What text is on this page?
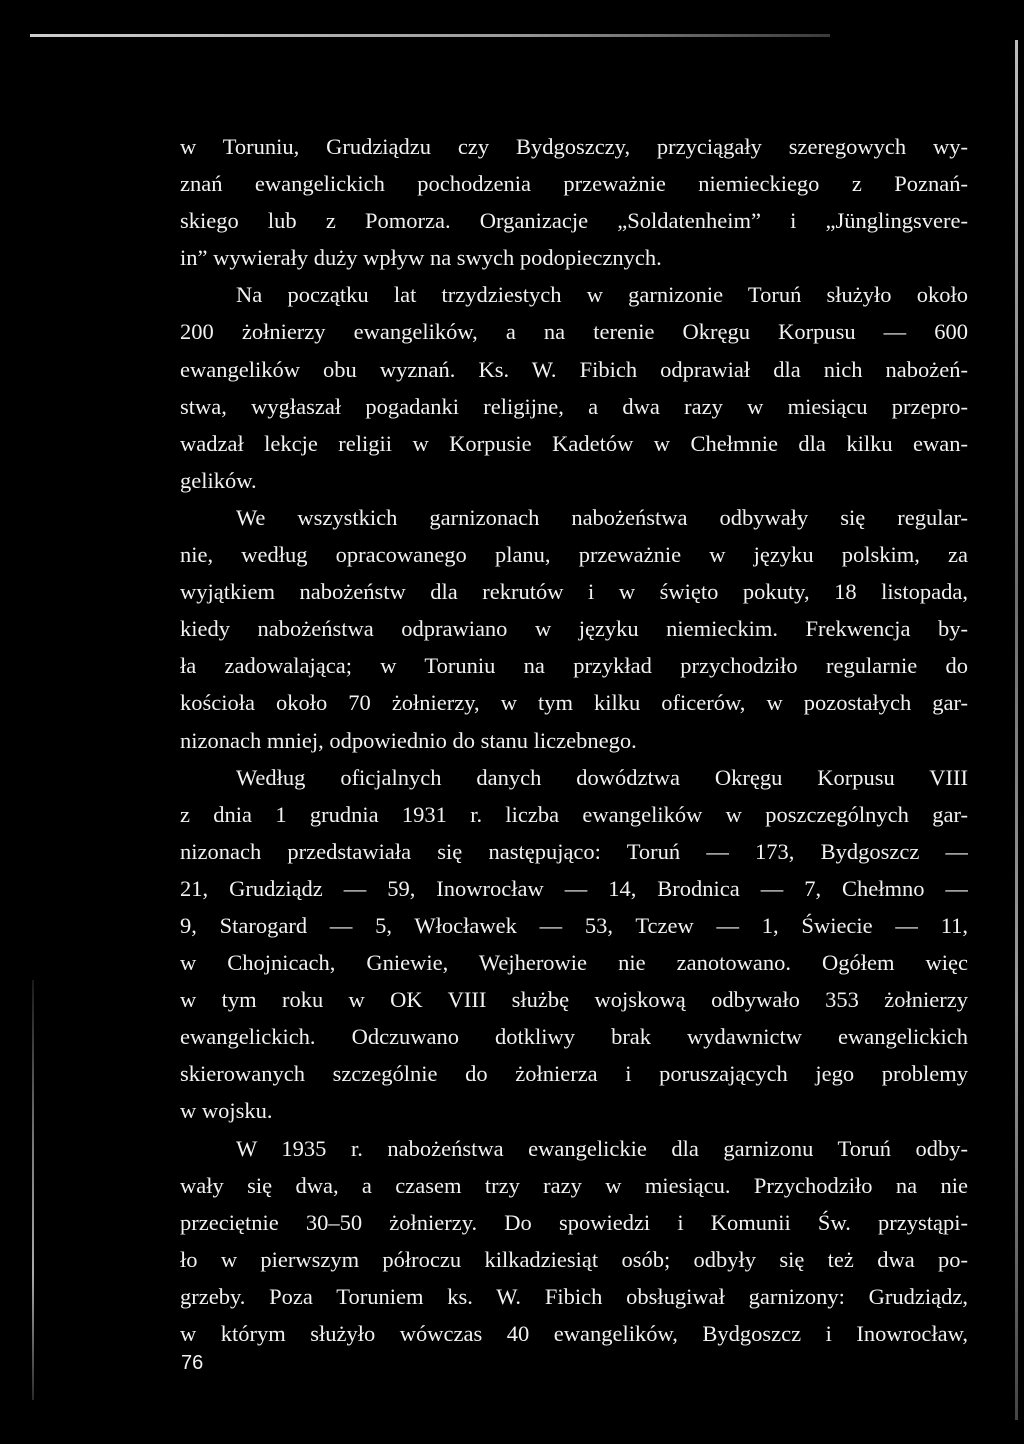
w Toruniu, Grudziądzu czy Bydgoszczy, przyciągały szeregowych wy-
znań ewangelickich pochodzenia przeważnie niemieckiego z Poznań-
skiego lub z Pomorza. Organizacje „Soldatenheim” i „Jünglingsvere-
in” wywierały duży wpływ na swych podopiecznych.
Na początku lat trzydziestych w garnizonie Toruń służyło około
200 żołnierzy ewangelików, a na terenie Okręgu Korpusu — 600
ewangelików obu wyznań. Ks. W. Fibich odprawiał dla nich nabożeń-
stwa, wygłaszał pogadanki religijne, a dwa razy w miesiącu przepro-
wadzał lekcje religii w Korpusie Kadetów w Chełmnie dla kilku ewan-
gelików.
We wszystkich garnizonach nabożeństwa odbywały się regular-
nie, według opracowanego planu, przeważnie w języku polskim, za
wyjątkiem nabożeństw dla rekrutów i w święto pokuty, 18 listopada,
kiedy nabożeństwa odprawiano w języku niemieckim. Frekwencja by-
ła zadowalająca; w Toruniu na przykład przychodziło regularnie do
kościoła około 70 żołnierzy, w tym kilku oficerów, w pozostałych gar-
nizonach mniej, odpowiednio do stanu liczebnego.
Według oficjalnych danych dowództwa Okręgu Korpusu VIII
z dnia 1 grudnia 1931 r. liczba ewangelików w poszczególnych gar-
nizonach przedstawiała się następująco: Toruń — 173, Bydgoszcz —
21, Grudziądz — 59, Inowrocław — 14, Brodnica — 7, Chełmno —
9, Starogard — 5, Włocławek — 53, Tczew — 1, Świecie — 11,
w Chojnicach, Gniewie, Wejherowie nie zanotowano. Ogółem więc
w tym roku w OK VIII służbę wojskową odbywało 353 żołnierzy
ewangelickich. Odczuwano dotkliwy brak wydawnictw ewangelickich
skierowanych szczególnie do żołnierza i poruszających jego problemy
w wojsku.
W 1935 r. nabożeństwa ewangelickie dla garnizonu Toruń odby-
wały się dwa, a czasem trzy razy w miesiącu. Przychodziło na nie
przeciętnie 30–50 żołnierzy. Do spowiedzi i Komunii Św. przystąpi-
ło w pierwszym półroczu kilkadziesiąt osób; odbyły się też dwa po-
grzeby. Poza Toruniem ks. W. Fibich obsługiwał garnizony: Grudziądz,
w którym służyło wówczas 40 ewangelików, Bydgoszcz i Inowrocław,
76
